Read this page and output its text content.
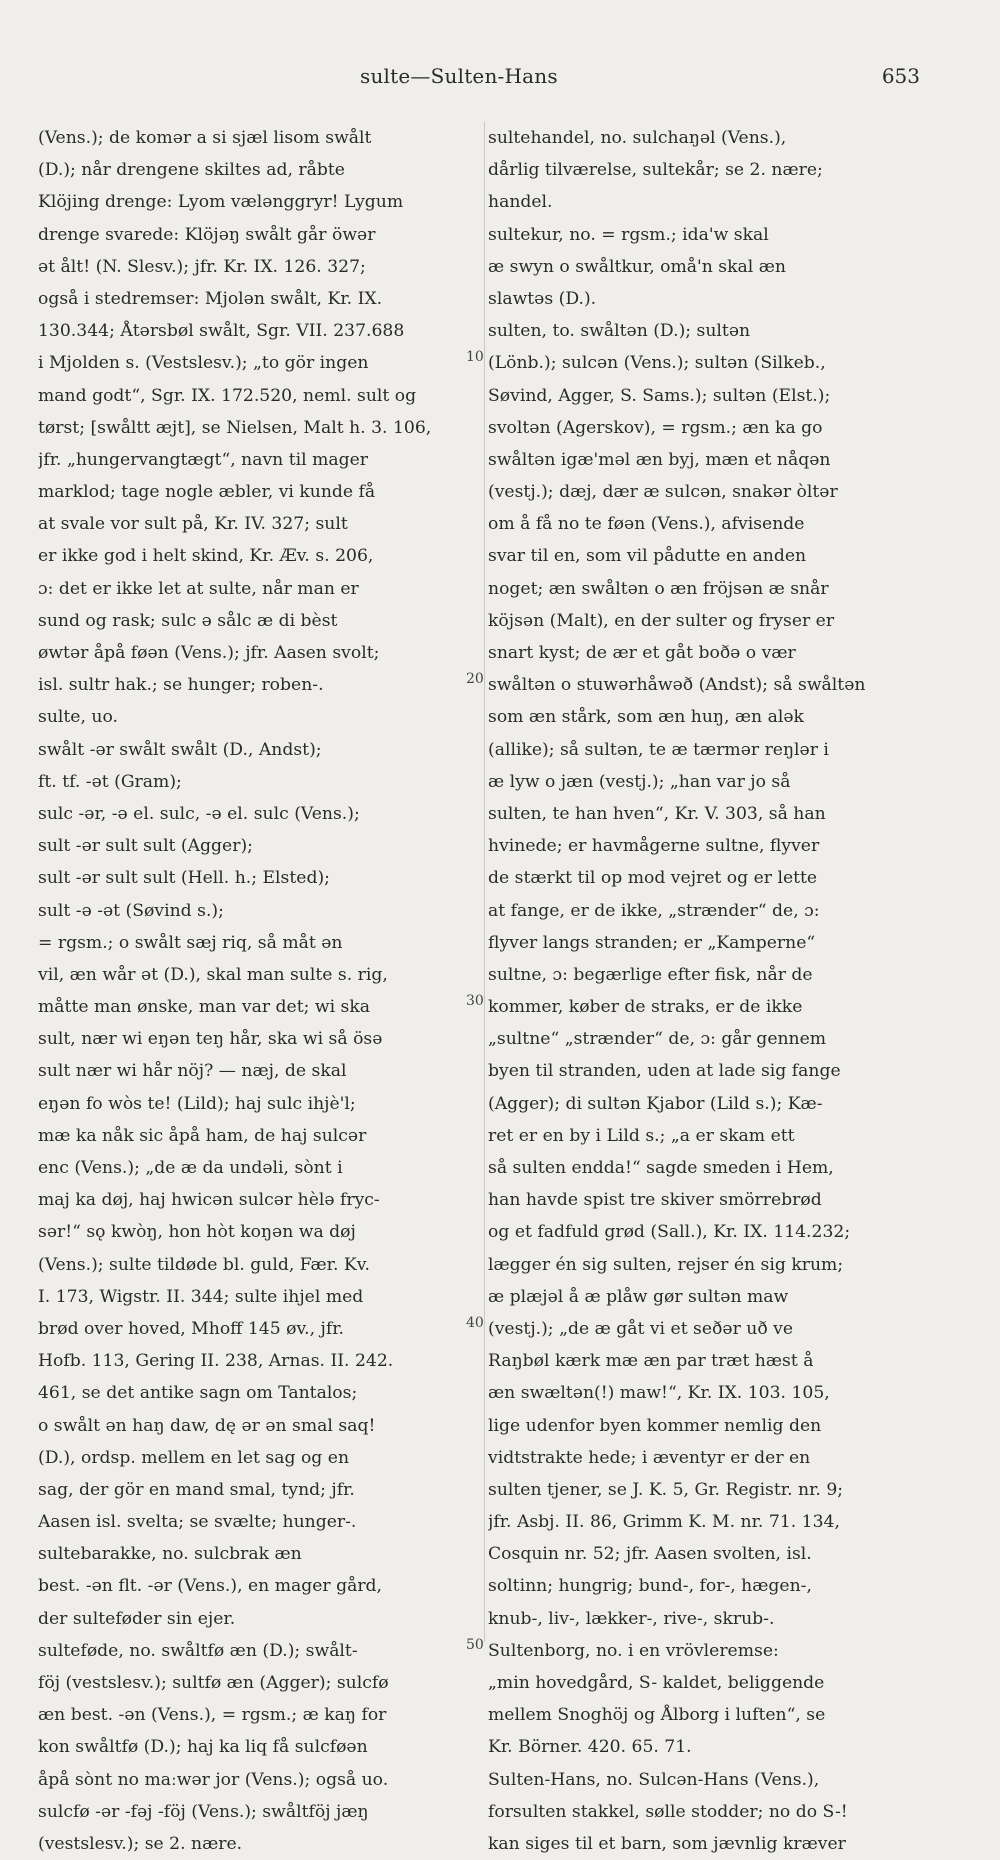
sulte—Sulten-Hans	653
(Vens.); de komər a si sjæl lisom swålt
(D.); når drengene skiltes ad, råbte
Klöjing drenge: Lyom vælənggryr! Lygum
drenge svarede: Klöjəŋ swålt går öwər
ət ålt! (N. Slesv.); jfr. Kr. IX. 126. 327;
også i stedremser: Mjolən swålt, Kr. IX.
130.344; Åtərsbøl swålt, Sgr. VII. 237.688
i Mjolden s. (Vestslesv.); „to gör ingen
mand godt“, Sgr. IX. 172.520, neml. sult og
tørst; [swåltt æjt], se Nielsen, Malt h. 3. 106,
jfr. „hungervangtægt“, navn til mager
marklod; tage nogle æbler, vi kunde få
at svale vor sult på, Kr. IV. 327; sult
er ikke god i helt skind, Kr. Æv. s. 206,
ɔ: det er ikke let at sulte, når man er
sund og rask; sulc ə sålc æ di bèst
øwtər åpå føən (Vens.); jfr. Aasen svolt;
isl. sultr hak.; se hunger; roben-.
sulte, uo.
swålt -ər swålt swålt (D., Andst);
ft. tf. -ət (Gram);
sulc -ər, -ə el. sulc, -ə el. sulc (Vens.);
sult -ər sult sult (Agger);
sult -ər sult sult (Hell. h.; Elsted);
sult -ə -ət (Søvind s.);
= rgsm.; o swålt sæj riq, så måt ən
vil, æn wår ət (D.), skal man sulte s. rig,
måtte man ønske, man var det; wi ska
sult, nær wi eŋən teŋ hår, ska wi så ösə
sult nær wi hår nöj? — næj, de skal
eŋən fo wòs te! (Lild); haj sulc ihjè'l;
mæ ka nåk sic åpå ham, de haj sulcər
enc (Vens.); „de æ da undəli, sònt i
maj ka døj, haj hwicən sulcər hèlə fryc-
sər!“ sǫ kwòŋ, hon hòt koŋən wa døj
(Vens.); sulte tildøde bl. guld, Fær. Kv.
I. 173, Wigstr. II. 344; sulte ihjel med
brød over hoved, Mhoff 145 øv., jfr.
Hofb. 113, Gering II. 238, Arnas. II. 242.
461, se det antike sagn om Tantalos;
o swålt ən haŋ daw, dę ər ən smal saq!
(D.), ordsp. mellem en let sag og en
sag, der gör en mand smal, tynd; jfr.
Aasen isl. svelta; se svælte; hunger-.
sultebarakke, no. sulcbrak æn
best. -ən flt. -ər (Vens.), en mager gård,
der sulteføder sin ejer.
sulteføde, no. swåltfø æn (D.); swålt-
föj (vestslesv.); sultfø æn (Agger); sulcfø
æn best. -ən (Vens.), = rgsm.; æ kaŋ for
kon swåltfø (D.); haj ka liq få sulcføən
åpå sònt no maːwər jor (Vens.); også uo.
sulcfø -ər -fəj -föj (Vens.); swåltföj jæŋ
(vestslesv.); se 2. nære.
sultehandel, no. sulchaŋəl (Vens.),
dårlig tilværelse, sultekår; se 2. nære;
handel.
sultekur, no. = rgsm.; ida'w skal
æ swyn o swåltkur, omå'n skal æn
slawtəs (D.).
sulten, to. swåltən (D.); sultən
(Lönb.); sulcən (Vens.); sultən (Silkeb.,
Søvind, Agger, S. Sams.); sultən (Elst.);
svoltən (Agerskov), = rgsm.; æn ka go
swåltən igæ'məl æn byj, mæn et nåqən
(vestj.); dæj, dær æ sulcən, snakər òltər
om å få no te føən (Vens.), afvisende
svar til en, som vil pådutte en anden
noget; æn swåltən o æn fröjsən æ snår
köjsən (Malt), en der sulter og fryser er
snart kyst; de ær et gåt boðə o vær
swåltən o stuwərhåwəð (Andst); så swåltən
som æn stårk, som æn huŋ, æn alək
(allike); så sultən, te æ tærmər reŋlər i
æ lyw o jæn (vestj.); „han var jo så
sulten, te han hven“, Kr. V. 303, så han
hvinede; er havmågerne sultne, flyver
de stærkt til op mod vejret og er lette
at fange, er de ikke, „strænder“ de, ɔ:
flyver langs stranden; er „Kamperne“
sultne, ɔ: begærlige efter fisk, når de
kommer, køber de straks, er de ikke
„sultne“ „strænder“ de, ɔ: går gennem
byen til stranden, uden at lade sig fange
(Agger); di sultən Kjabor (Lild s.); Kæ-
ret er en by i Lild s.; „a er skam ett
så sulten endda!“ sagde smeden i Hem,
han havde spist tre skiver smörrebrød
og et fadfuld grød (Sall.), Kr. IX. 114.232;
lægger én sig sulten, rejser én sig krum;
æ plæjəl å æ plåw gør sultən maw
(vestj.); „de æ gåt vi et seðər uð ve
Raŋbøl kærk mæ æn par træt hæst å
æn swæltən(!) maw!“, Kr. IX. 103. 105,
lige udenfor byen kommer nemlig den
vidtstrakte hede; i æventyr er der en
sulten tjener, se J. K. 5, Gr. Registr. nr. 9;
jfr. Asbj. II. 86, Grimm K. M. nr. 71. 134,
Cosquin nr. 52; jfr. Aasen svolten, isl.
soltinn; hungrig; bund-, for-, hægen-,
knub-, liv-, lækker-, rive-, skrub-.
Sultenborg, no. i en vrövleremse:
„min hovedgård, S- kaldet, beliggende
mellem Snoghöj og Ålborg i luften“, se
Kr. Börner. 420. 65. 71.
Sulten-Hans, no. Sulcən-Hans (Vens.),
forsulten stakkel, sølle stodder; no do S-!
kan siges til et barn, som jævnlig kræver
10
20
30
40
50
